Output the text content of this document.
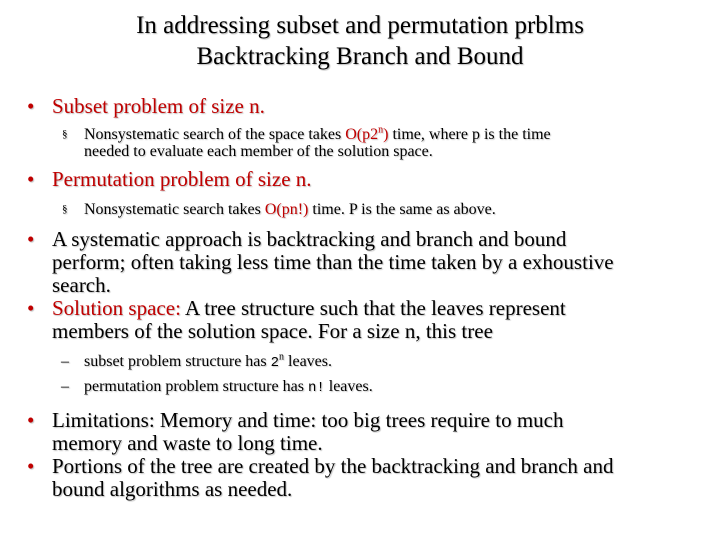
In addressing subset and permutation prblms
Backtracking Branch and Bound
• Subset problem of size n.
§ Nonsystematic search of the space takes O(p2$^n$) time, where p is the time
needed to evaluate each member of the solution space.
• Permutation problem of size n.
§ Nonsystematic search takes O(pn!) time. P is the same as above.
• A systematic approach is backtracking and branch and bound
perform; often taking less time than the time taken by a exhoustive
search.
• Solution space: A tree structure such that the leaves represent
members of the solution space. For a size n, this tree
– subset problem structure has 2$^n$ leaves.
– permutation problem structure has n! leaves.
• Limitations: Memory and time: too big trees require to much
memory and waste to long time.
• Portions of the tree are created by the backtracking and branch and
bound algorithms as needed.
